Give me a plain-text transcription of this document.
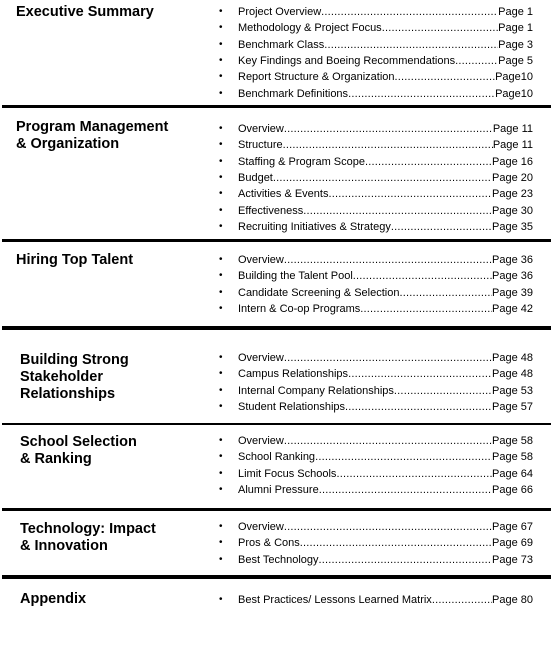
Executive Summary	• Project Overview .....	Page 1
• Methodology & Project Focus .....	Page 1
• Benchmark Class .....	Page 3
• Key Findings and Boeing Recommendations .....	Page 5
• Report Structure & Organization .....	Page10
• Benchmark Definitions .....	Page10
Program Management
& Organization
• Overview .....	Page 11
• Structure .....	Page 11
• Staffing & Program Scope .....	Page 16
• Budget .....	Page 20
• Activities & Events .....	Page 23
• Effectiveness .....	Page 30
• Recruiting Initiatives & Strategy .....	Page 35
Hiring Top Talent	• Overview .....	Page 36
• Building the Talent Pool .....	Page 36
• Candidate Screening & Selection .....	Page 39
• Intern & Co-op Programs .....	Page 42
Building Strong
Stakeholder
Relationships
• Overview .....	Page 48
• Campus Relationships .....	Page 48
• Internal Company Relationships .....	Page 53
• Student Relationships .....	Page 57
School Selection
& Ranking
• Overview .....	Page 58
• School Ranking .....	Page 58
• Limit Focus Schools .....	Page 64
• Alumni Pressure .....	Page 66
Technology: Impact
& Innovation
• Overview .....	Page 67
• Pros & Cons .....	Page 69
• Best Technology .....	Page 73
Appendix	• Best Practices/ Lessons Learned Matrix .....	Page 80
